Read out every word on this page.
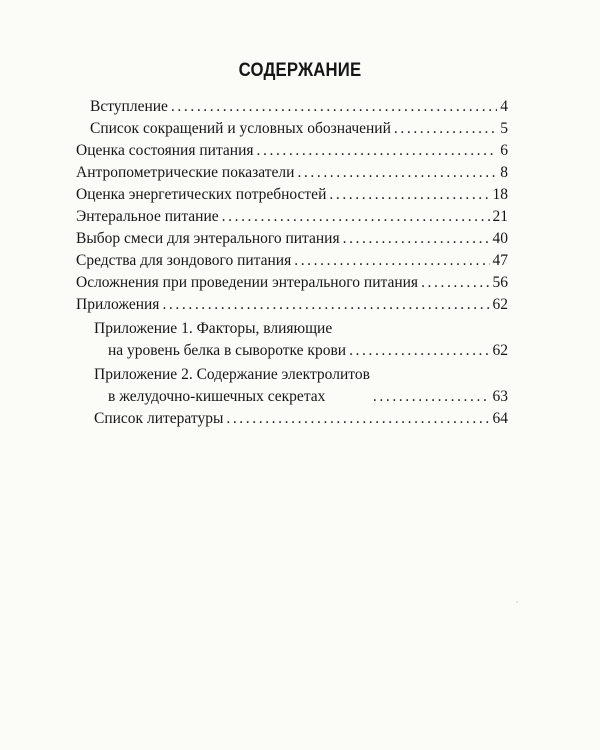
СОДЕРЖАНИЕ
Вступление .....	4
Список сокращений и условных обозначений .....	5
Оценка состояния питания .....	6
Антропометрические показатели .....	8
Оценка энергетических потребностей .....	18
Энтеральное питание .....	21
Выбор смеси для энтерального питания .....	40
Средства для зондового питания .....	47
Осложнения при проведении энтерального питания .....	56
Приложения .....	62
Приложение 1. Факторы, влияющие
на уровень белка в сыворотке крови .....	62
Приложение 2. Содержание электролитов
в желудочно-кишечных секретах .....	63
Список литературы .....	64
